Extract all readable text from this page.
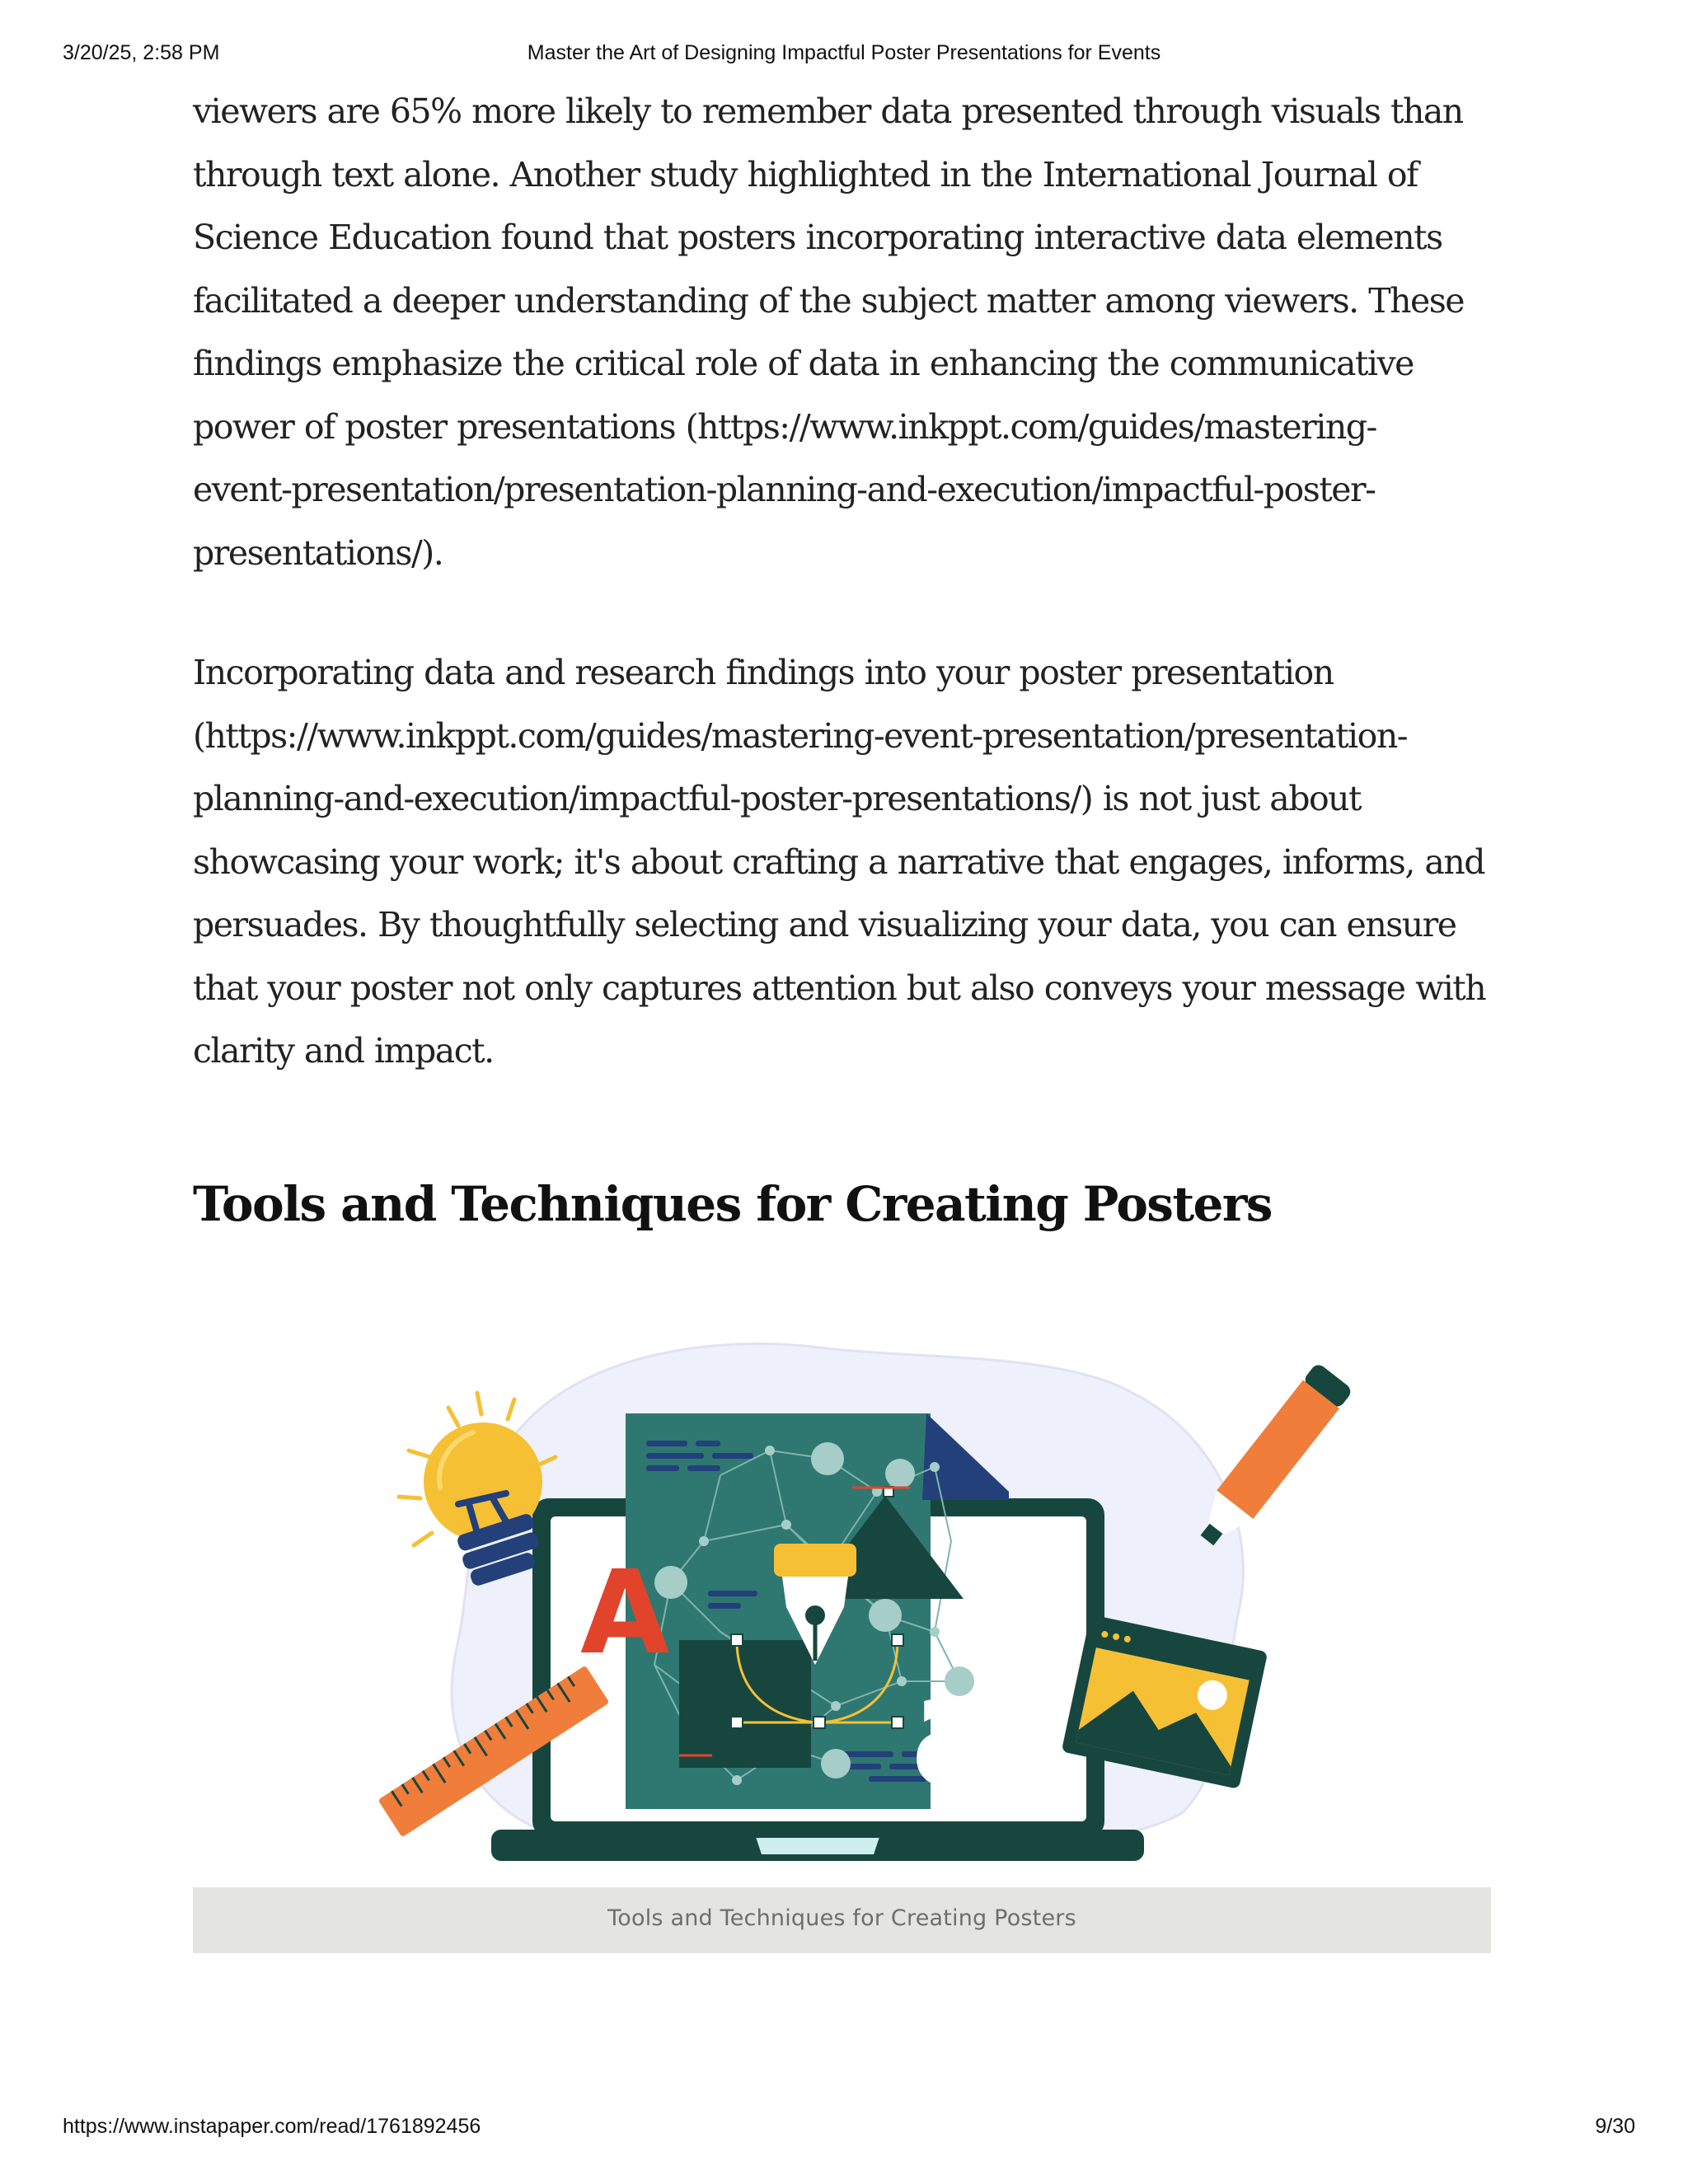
3/20/25, 2:58 PM	Master the Art of Designing Impactful Poster Presentations for Events

viewers are 65% more likely to remember data presented through visuals than
through text alone. Another study highlighted in the International Journal of
Science Education found that posters incorporating interactive data elements
facilitated a deeper understanding of the subject matter among viewers. These
findings emphasize the critical role of data in enhancing the communicative
power of poster presentations (https://www.inkppt.com/guides/mastering-
event-presentation/presentation-planning-and-execution/impactful-poster-
presentations/).

Incorporating data and research findings into your poster presentation
(https://www.inkppt.com/guides/mastering-event-presentation/presentation-
planning-and-execution/impactful-poster-presentations/) is not just about
showcasing your work; it's about crafting a narrative that engages, informs, and
persuades. By thoughtfully selecting and visualizing your data, you can ensure
that your poster not only captures attention but also conveys your message with
clarity and impact.

Tools and Techniques for Creating Posters
A
a
Tools and Techniques for Creating Posters
https://www.instapaper.com/read/1761892456	9/30
